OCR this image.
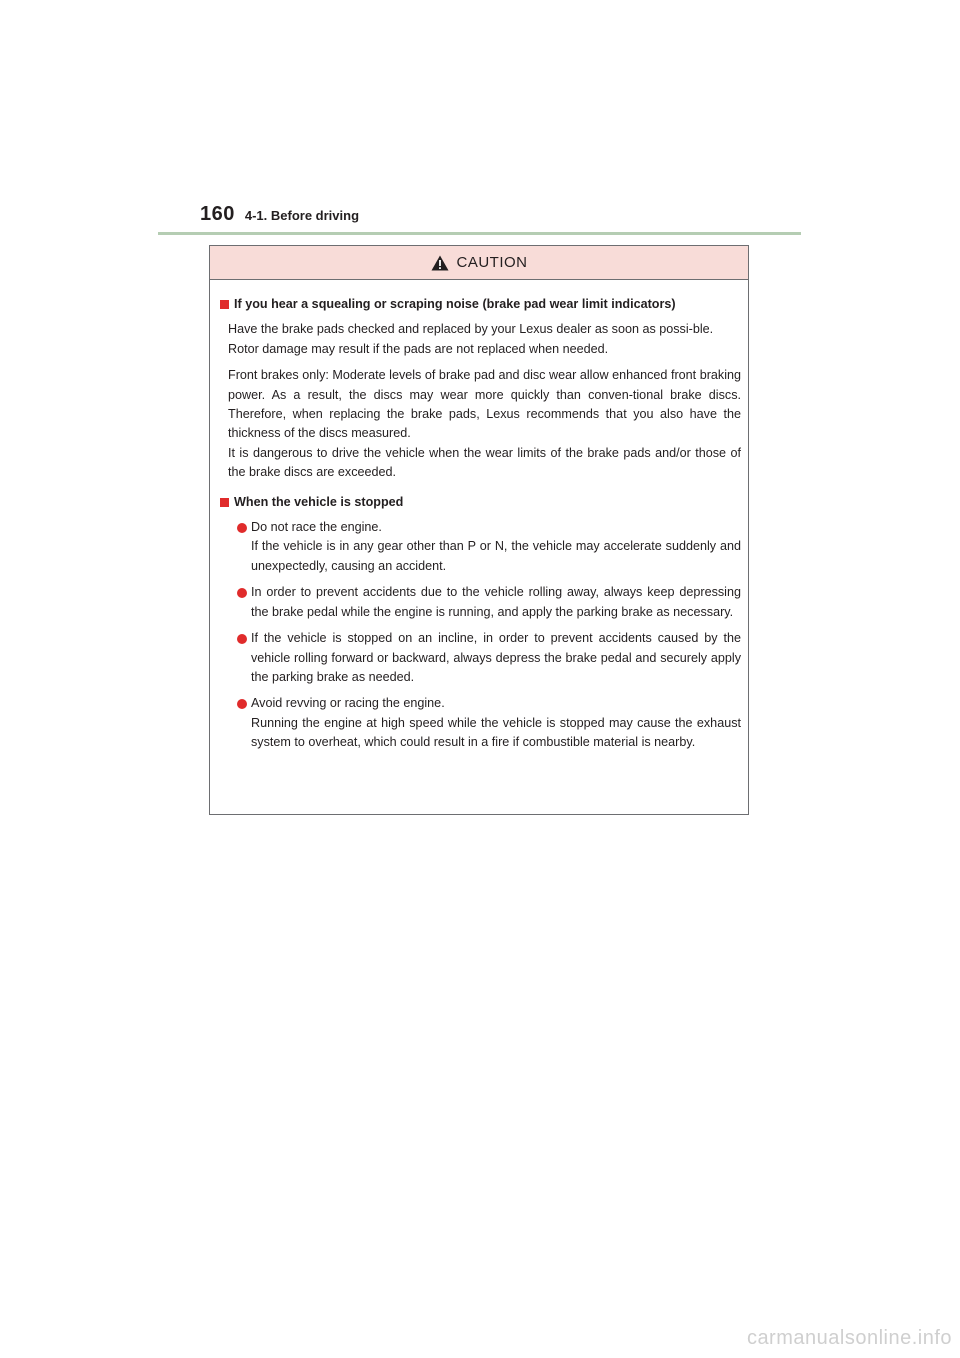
160 4-1. Before driving
CAUTION
If you hear a squealing or scraping noise (brake pad wear limit indicators)

Have the brake pads checked and replaced by your Lexus dealer as soon as possi-ble.

Rotor damage may result if the pads are not replaced when needed.

Front brakes only: Moderate levels of brake pad and disc wear allow enhanced front braking power. As a result, the discs may wear more quickly than conven-tional brake discs. Therefore, when replacing the brake pads, Lexus recommends that you also have the thickness of the discs measured.

It is dangerous to drive the vehicle when the wear limits of the brake pads and/or those of the brake discs are exceeded.

When the vehicle is stopped

Do not race the engine.

If the vehicle is in any gear other than P or N, the vehicle may accelerate suddenly and unexpectedly, causing an accident.

In order to prevent accidents due to the vehicle rolling away, always keep depressing the brake pedal while the engine is running, and apply the parking brake as necessary.

If the vehicle is stopped on an incline, in order to prevent accidents caused by the vehicle rolling forward or backward, always depress the brake pedal and securely apply the parking brake as needed.

Avoid revving or racing the engine.

Running the engine at high speed while the vehicle is stopped may cause the exhaust system to overheat, which could result in a fire if combustible material is nearby.

carmanualsonline.info
